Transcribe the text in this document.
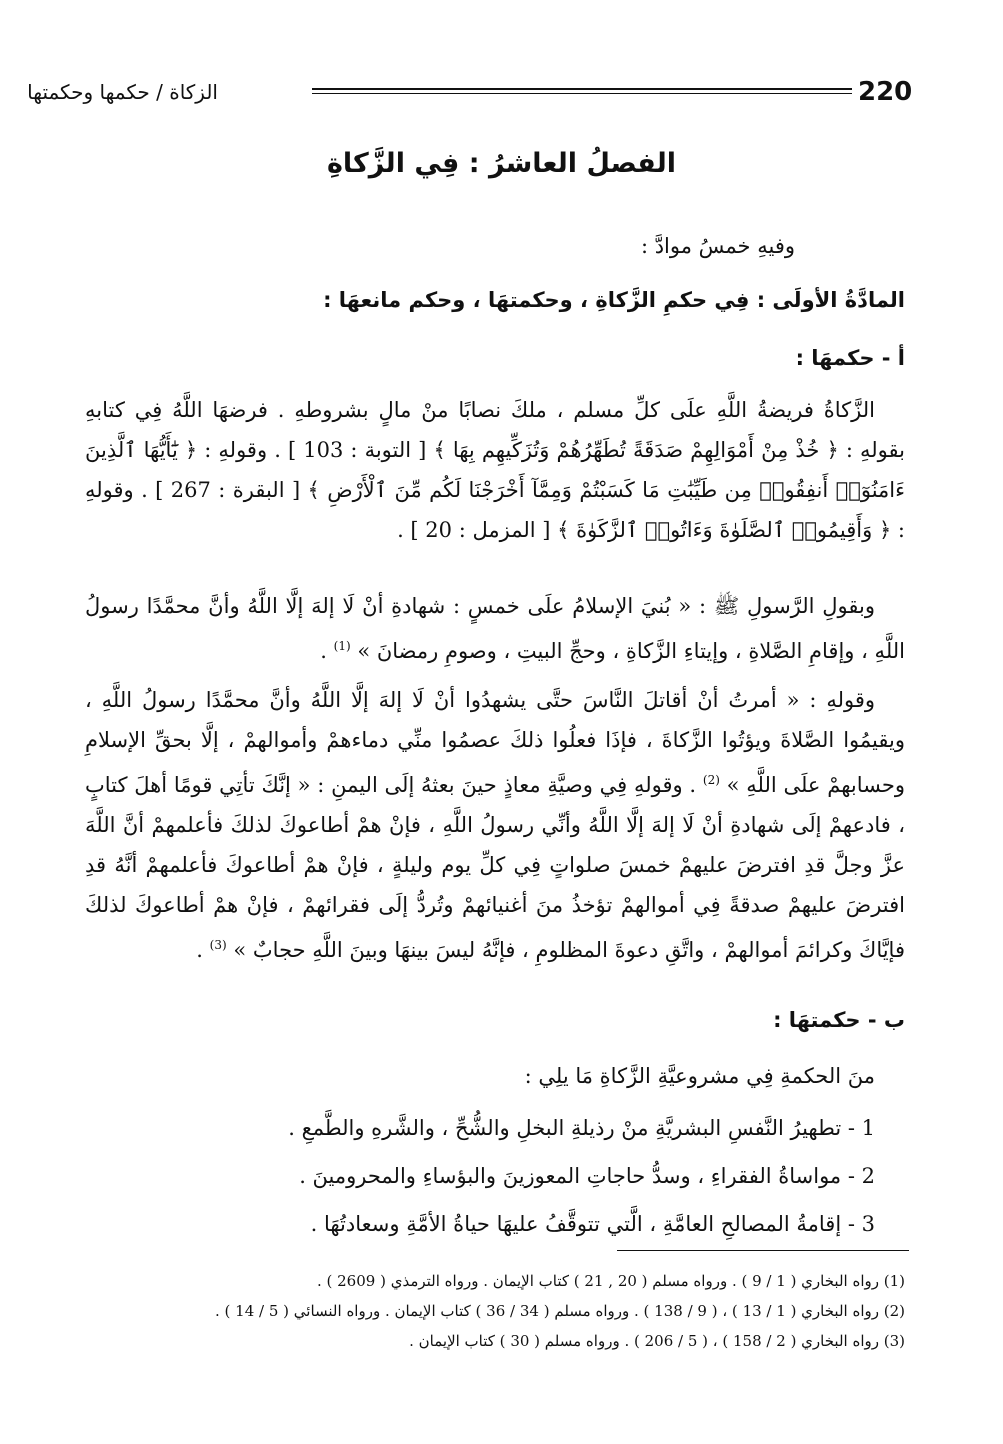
220
الزكاة / حكمها وحكمتها
الفصلُ العاشرُ : فِي الزَّكاةِ
وفيهِ خمسُ موادَّ :
المادَّةُ الأولَى : فِي حكمِ الزَّكاةِ ، وحكمتهَا ، وحكم مانعهَا :
أ - حكمهَا :
الزَّكاةُ فريضةُ اللَّهِ علَى كلِّ مسلم ، ملكَ نصابًا منْ مالٍ بشروطهِ . فرضهَا اللَّهُ فِي كتابهِ بقولهِ : ﴿ خُذْ مِنْ أَمْوَالِهِمْ صَدَقَةً تُطَهِّرُهُمْ وَتُزَكِّيهِم بِهَا ﴾ [ التوبة : 103 ] . وقولهِ : ﴿ يَٰٓأَيُّهَا ٱلَّذِينَ ءَامَنُوٓا۟ أَنفِقُوا۟ مِن طَيِّبَٰتِ مَا كَسَبْتُمْ وَمِمَّآ أَخْرَجْنَا لَكُم مِّنَ ٱلْأَرْضِ ﴾ [ البقرة : 267 ] . وقولهِ : ﴿ وَأَقِيمُوا۟ ٱلصَّلَوٰةَ وَءَاتُوا۟ ٱلزَّكَوٰةَ ﴾ [ المزمل : 20 ] .
وبقولِ الرَّسولِ ﷺ : « بُنيَ الإسلامُ علَى خمسٍ : شهادةِ أنْ لَا إلهَ إلَّا اللَّهُ وأنَّ محمَّدًا رسولُ اللَّهِ ، وإقامِ الصَّلاةِ ، وإيتاءِ الزَّكاةِ ، وحجِّ البيتِ ، وصومِ رمضانَ » $^{(1)}$ .
وقولهِ : « أمرتُ أنْ أقاتلَ النَّاسَ حتَّى يشهدُوا أنْ لَا إلهَ إلَّا اللَّهُ وأنَّ محمَّدًا رسولُ اللَّهِ ، ويقيمُوا الصَّلاةَ ويؤتُوا الزَّكاةَ ، فإذَا فعلُوا ذلكَ عصمُوا منِّي دماءهمْ وأموالهمْ ، إلَّا بحقِّ الإسلامِ وحسابهمْ علَى اللَّهِ » $^{(2)}$ . وقولهِ فِي وصيَّةِ معاذٍ حينَ بعثهُ إلَى اليمنِ : « إنَّكَ تأتِي قومًا أهلَ كتابٍ ، فادعهمْ إلَى شهادةِ أنْ لَا إلهَ إلَّا اللَّهُ وأنِّي رسولُ اللَّهِ ، فإنْ همْ أطاعوكَ لذلكَ فأعلمهمْ أنَّ اللَّهَ عزَّ وجلَّ قدِ افترضَ عليهمْ خمسَ صلواتٍ فِي كلِّ يوم وليلةٍ ، فإنْ همْ أطاعوكَ فأعلمهمْ أنَّهُ قدِ افترضَ عليهمْ صدقةً فِي أموالهمْ تؤخذُ منَ أغنيائهمْ وتُردُّ إلَى فقرائهمْ ، فإنْ همْ أطاعوكَ لذلكَ فإيَّاكَ وكرائمَ أموالهمْ ، واتَّقِ دعوةَ المظلومِ ، فإنَّهُ ليسَ بينهَا وبينَ اللَّهِ حجابٌ » $^{(3)}$ .
ب - حكمتهَا :
منَ الحكمةِ فِي مشروعيَّةِ الزَّكاةِ مَا يلِي :
1 - تطهيرُ النَّفسِ البشريَّةِ منْ رذيلةِ البخلِ والشُّحِّ ، والشَّرهِ والطَّمعِ .
2 - مواساةُ الفقراءِ ، وسدُّ حاجاتِ المعوزينَ والبؤساءِ والمحرومينَ .
3 - إقامةُ المصالحِ العامَّةِ ، الَّتي تتوقَّفُ عليهَا حياةُ الأمَّةِ وسعادتُهَا .
(1) رواه البخاري ( 1 / 9 ) . ورواه مسلم ( 20 , 21 ) كتاب الإيمان . ورواه الترمذي ( 2609 ) .
(2) رواه البخاري ( 1 / 13 ) ، ( 9 / 138 ) . ورواه مسلم ( 34 / 36 ) كتاب الإيمان . ورواه النسائي ( 5 / 14 ) .
(3) رواه البخاري ( 2 / 158 ) ، ( 5 / 206 ) . ورواه مسلم ( 30 ) كتاب الإيمان .
